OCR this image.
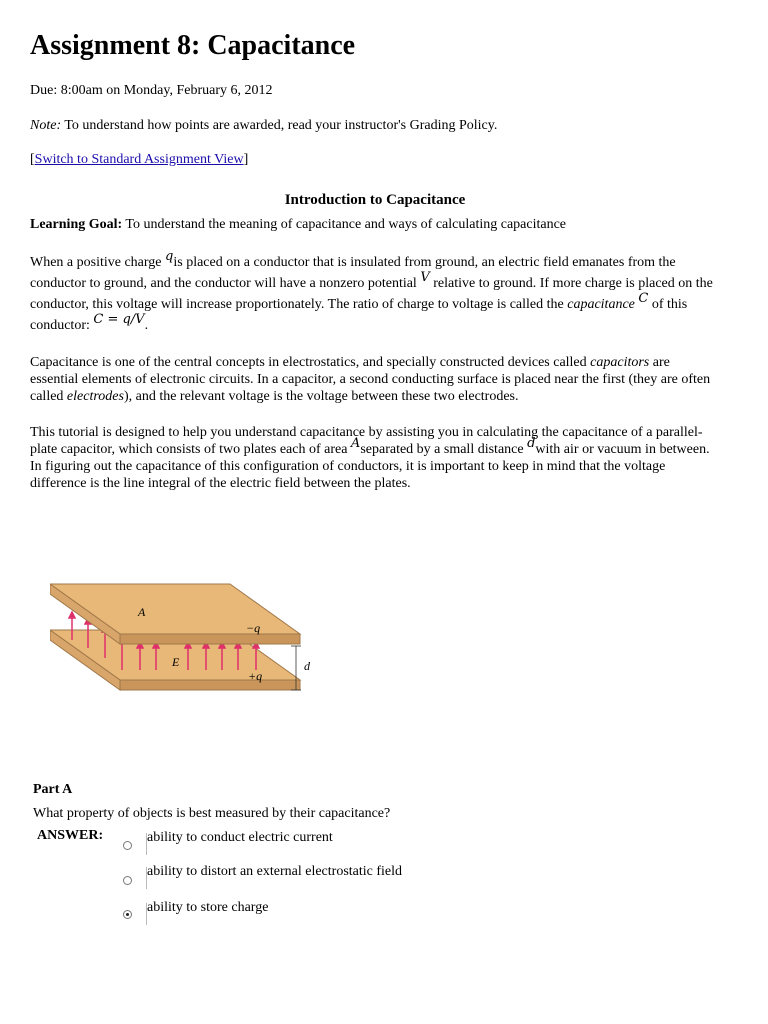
Assignment 8: Capacitance
Due: 8:00am on Monday, February 6, 2012
Note: To understand how points are awarded, read your instructor's Grading Policy.
[Switch to Standard Assignment View]
Introduction to Capacitance
Learning Goal: To understand the meaning of capacitance and ways of calculating capacitance
When a positive charge qis placed on a conductor that is insulated from ground, an electric field emanates from the conductor to ground, and the conductor will have a nonzero potential V relative to ground. If more charge is placed on the conductor, this voltage will increase proportionately. The ratio of charge to voltage is called the capacitance C of this conductor: C = q/V.
Capacitance is one of the central concepts in electrostatics, and specially constructed devices called capacitors are essential elements of electronic circuits. In a capacitor, a second conducting surface is placed near the first (they are often called electrodes), and the relevant voltage is the voltage between these two electrodes.
This tutorial is designed to help you understand capacitance by assisting you in calculating the capacitance of a parallel-plate capacitor, which consists of two plates each of area Aseparated by a small distance dwith air or vacuum in between. In figuring out the capacitance of this configuration of conductors, it is important to keep in mind that the voltage difference is the line integral of the electric field between the plates.
A
−q
E
+q
d
Part A
What property of objects is best measured by their capacitance?
ANSWER:	ability to conduct electric current
ability to distort an external electrostatic field
ability to store charge
